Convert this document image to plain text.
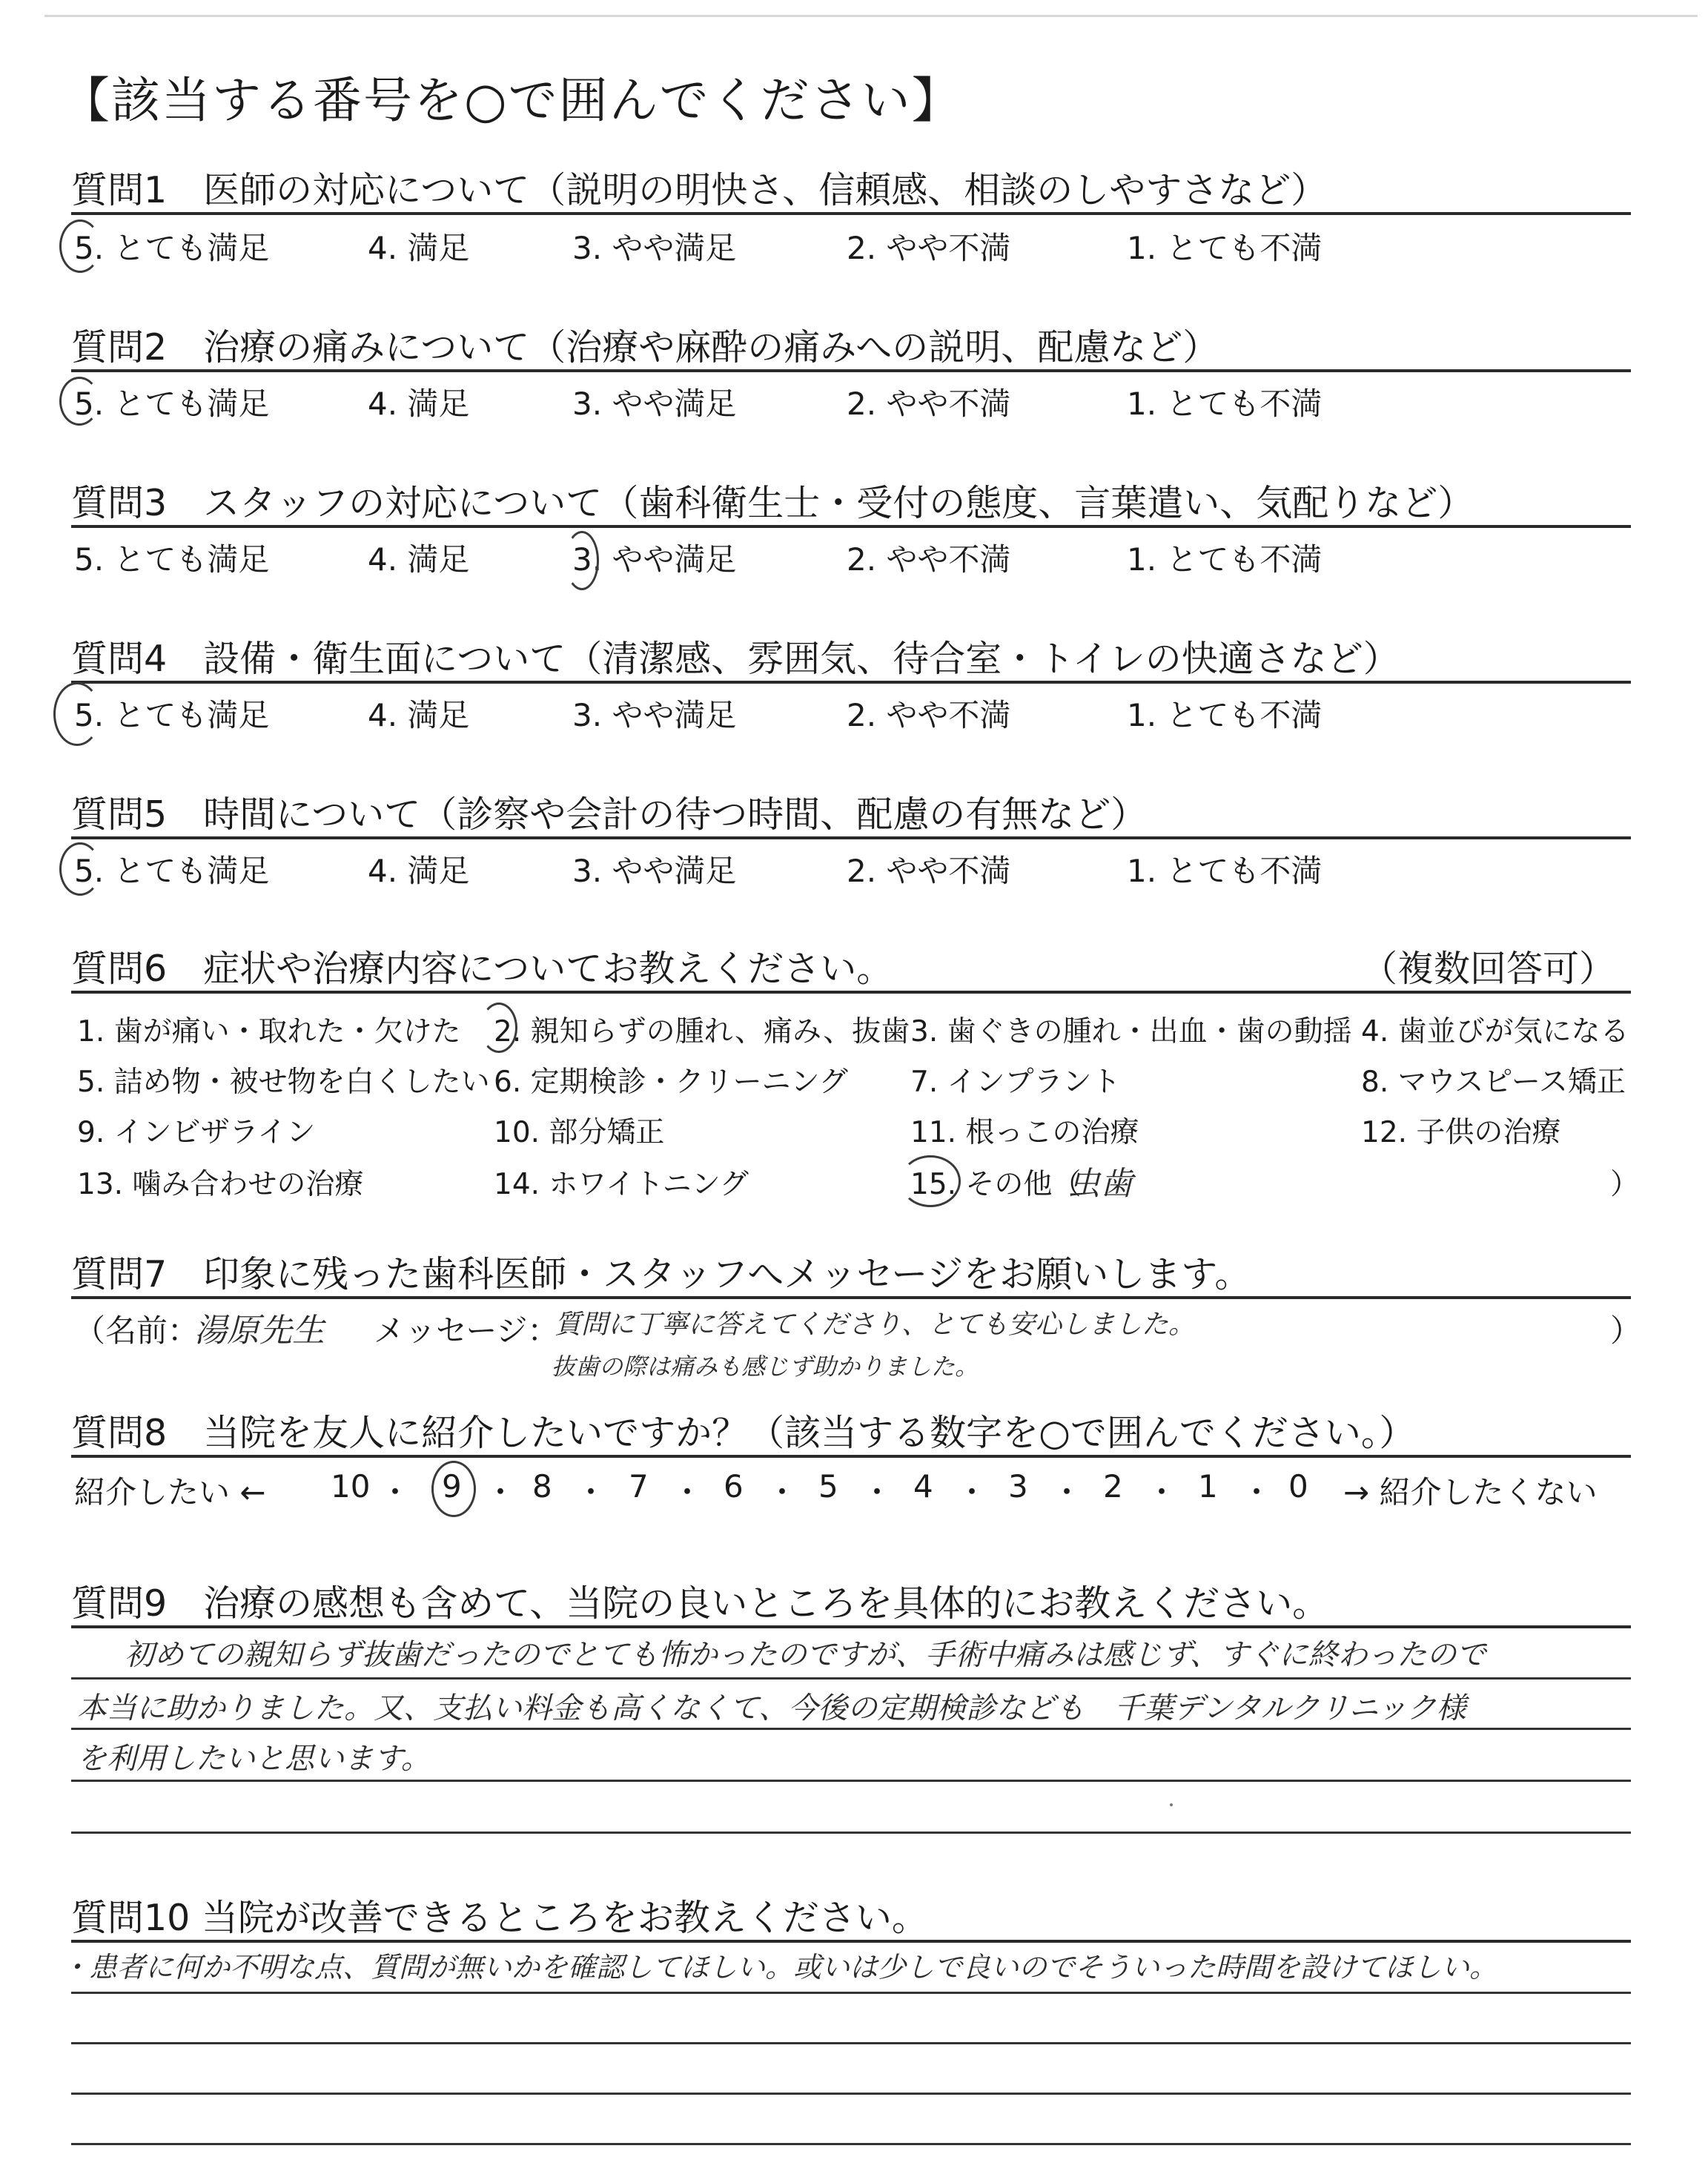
【該当する番号を○で囲んでください】
質問1　医師の対応について（説明の明快さ、信頼感、相談のしやすさなど）
5. とても満足	4. 満足	3. やや満足	2. やや不満	1. とても不満
質問2　治療の痛みについて（治療や麻酔の痛みへの説明、配慮など）
5. とても満足	4. 満足	3. やや満足	2. やや不満	1. とても不満
質問3　スタッフの対応について（歯科衛生士・受付の態度、言葉遣い、気配りなど）
5. とても満足	4. 満足	3. やや満足	2. やや不満	1. とても不満
質問4　設備・衛生面について（清潔感、雰囲気、待合室・トイレの快適さなど）
5. とても満足	4. 満足	3. やや満足	2. やや不満	1. とても不満
質問5　時間について（診察や会計の待つ時間、配慮の有無など）
5. とても満足	4. 満足	3. やや満足	2. やや不満	1. とても不満
質問6　症状や治療内容についてお教えください。	（複数回答可）
1. 歯が痛い・取れた・欠けた 2. 親知らずの腫れ、痛み、抜歯 3. 歯ぐきの腫れ・出血・歯の動揺 4. 歯並びが気になる
5. 詰め物・被せ物を白くしたい 6. 定期検診・クリーニング 7. インプラント	8. マウスピース矯正
9. インビザライン	10. 部分矯正	11. 根っこの治療	12. 子供の治療
13. 噛み合わせの治療	14. ホワイトニング	15. その他（
虫歯	）
質問7　印象に残った歯科医師・スタッフへメッセージをお願いします。
（名前：
湯原先生 メッセージ：
質問に丁寧に答えてくださり、とても安心しました。
抜歯の際は痛みも感じず助かりました。
）
質問8　当院を友人に紹介したいですか？（該当する数字を○で囲んでください。）
紹介したい ←	→ 紹介したくない
10 ・ 9 ・ 8 ・ 7 ・ 6 ・ 5 ・ 4 ・ 3 ・ 2 ・ 1 ・ 0
質問9　治療の感想も含めて、当院の良いところを具体的にお教えください。
初めての親知らず抜歯だったのでとても怖かったのですが、手術中痛みは感じず、すぐに終わったので
本当に助かりました。又、支払い料金も高くなくて、今後の定期検診なども　千葉デンタルクリニック様
を利用したいと思います。
質問10 当院が改善できるところをお教えください。
・患者に何か不明な点、質問が無いかを確認してほしい。或いは少しで良いのでそういった時間を設けてほしい。
